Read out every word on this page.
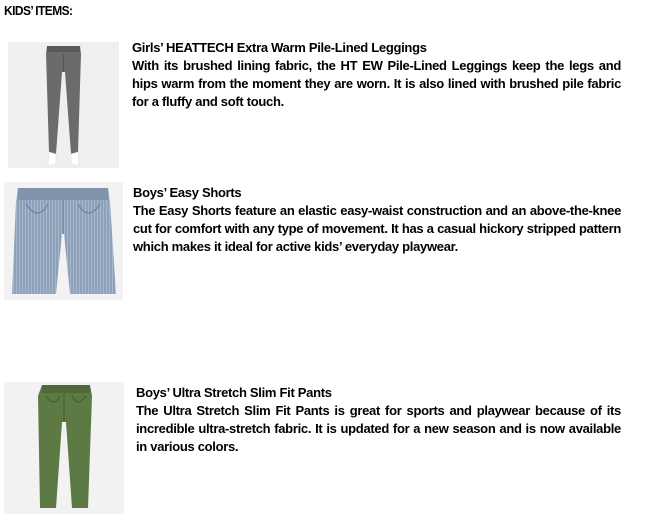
KIDS’ ITEMS:
Girls’ HEATTECH Extra Warm Pile-Lined Leggings
With its brushed lining fabric, the HT EW Pile-Lined Leggings keep the legs and hips warm from the moment they are worn. It is also lined with brushed pile fabric for a fluffy and soft touch.
Boys’ Easy Shorts
The Easy Shorts feature an elastic easy-waist construction and an above-the-knee cut for comfort with any type of movement. It has a casual hickory stripped pattern which makes it ideal for active kids’ everyday playwear.
Boys’ Ultra Stretch Slim Fit Pants
The Ultra Stretch Slim Fit Pants is great for sports and playwear because of its incredible ultra-stretch fabric. It is updated for a new season and is now available in various colors.
